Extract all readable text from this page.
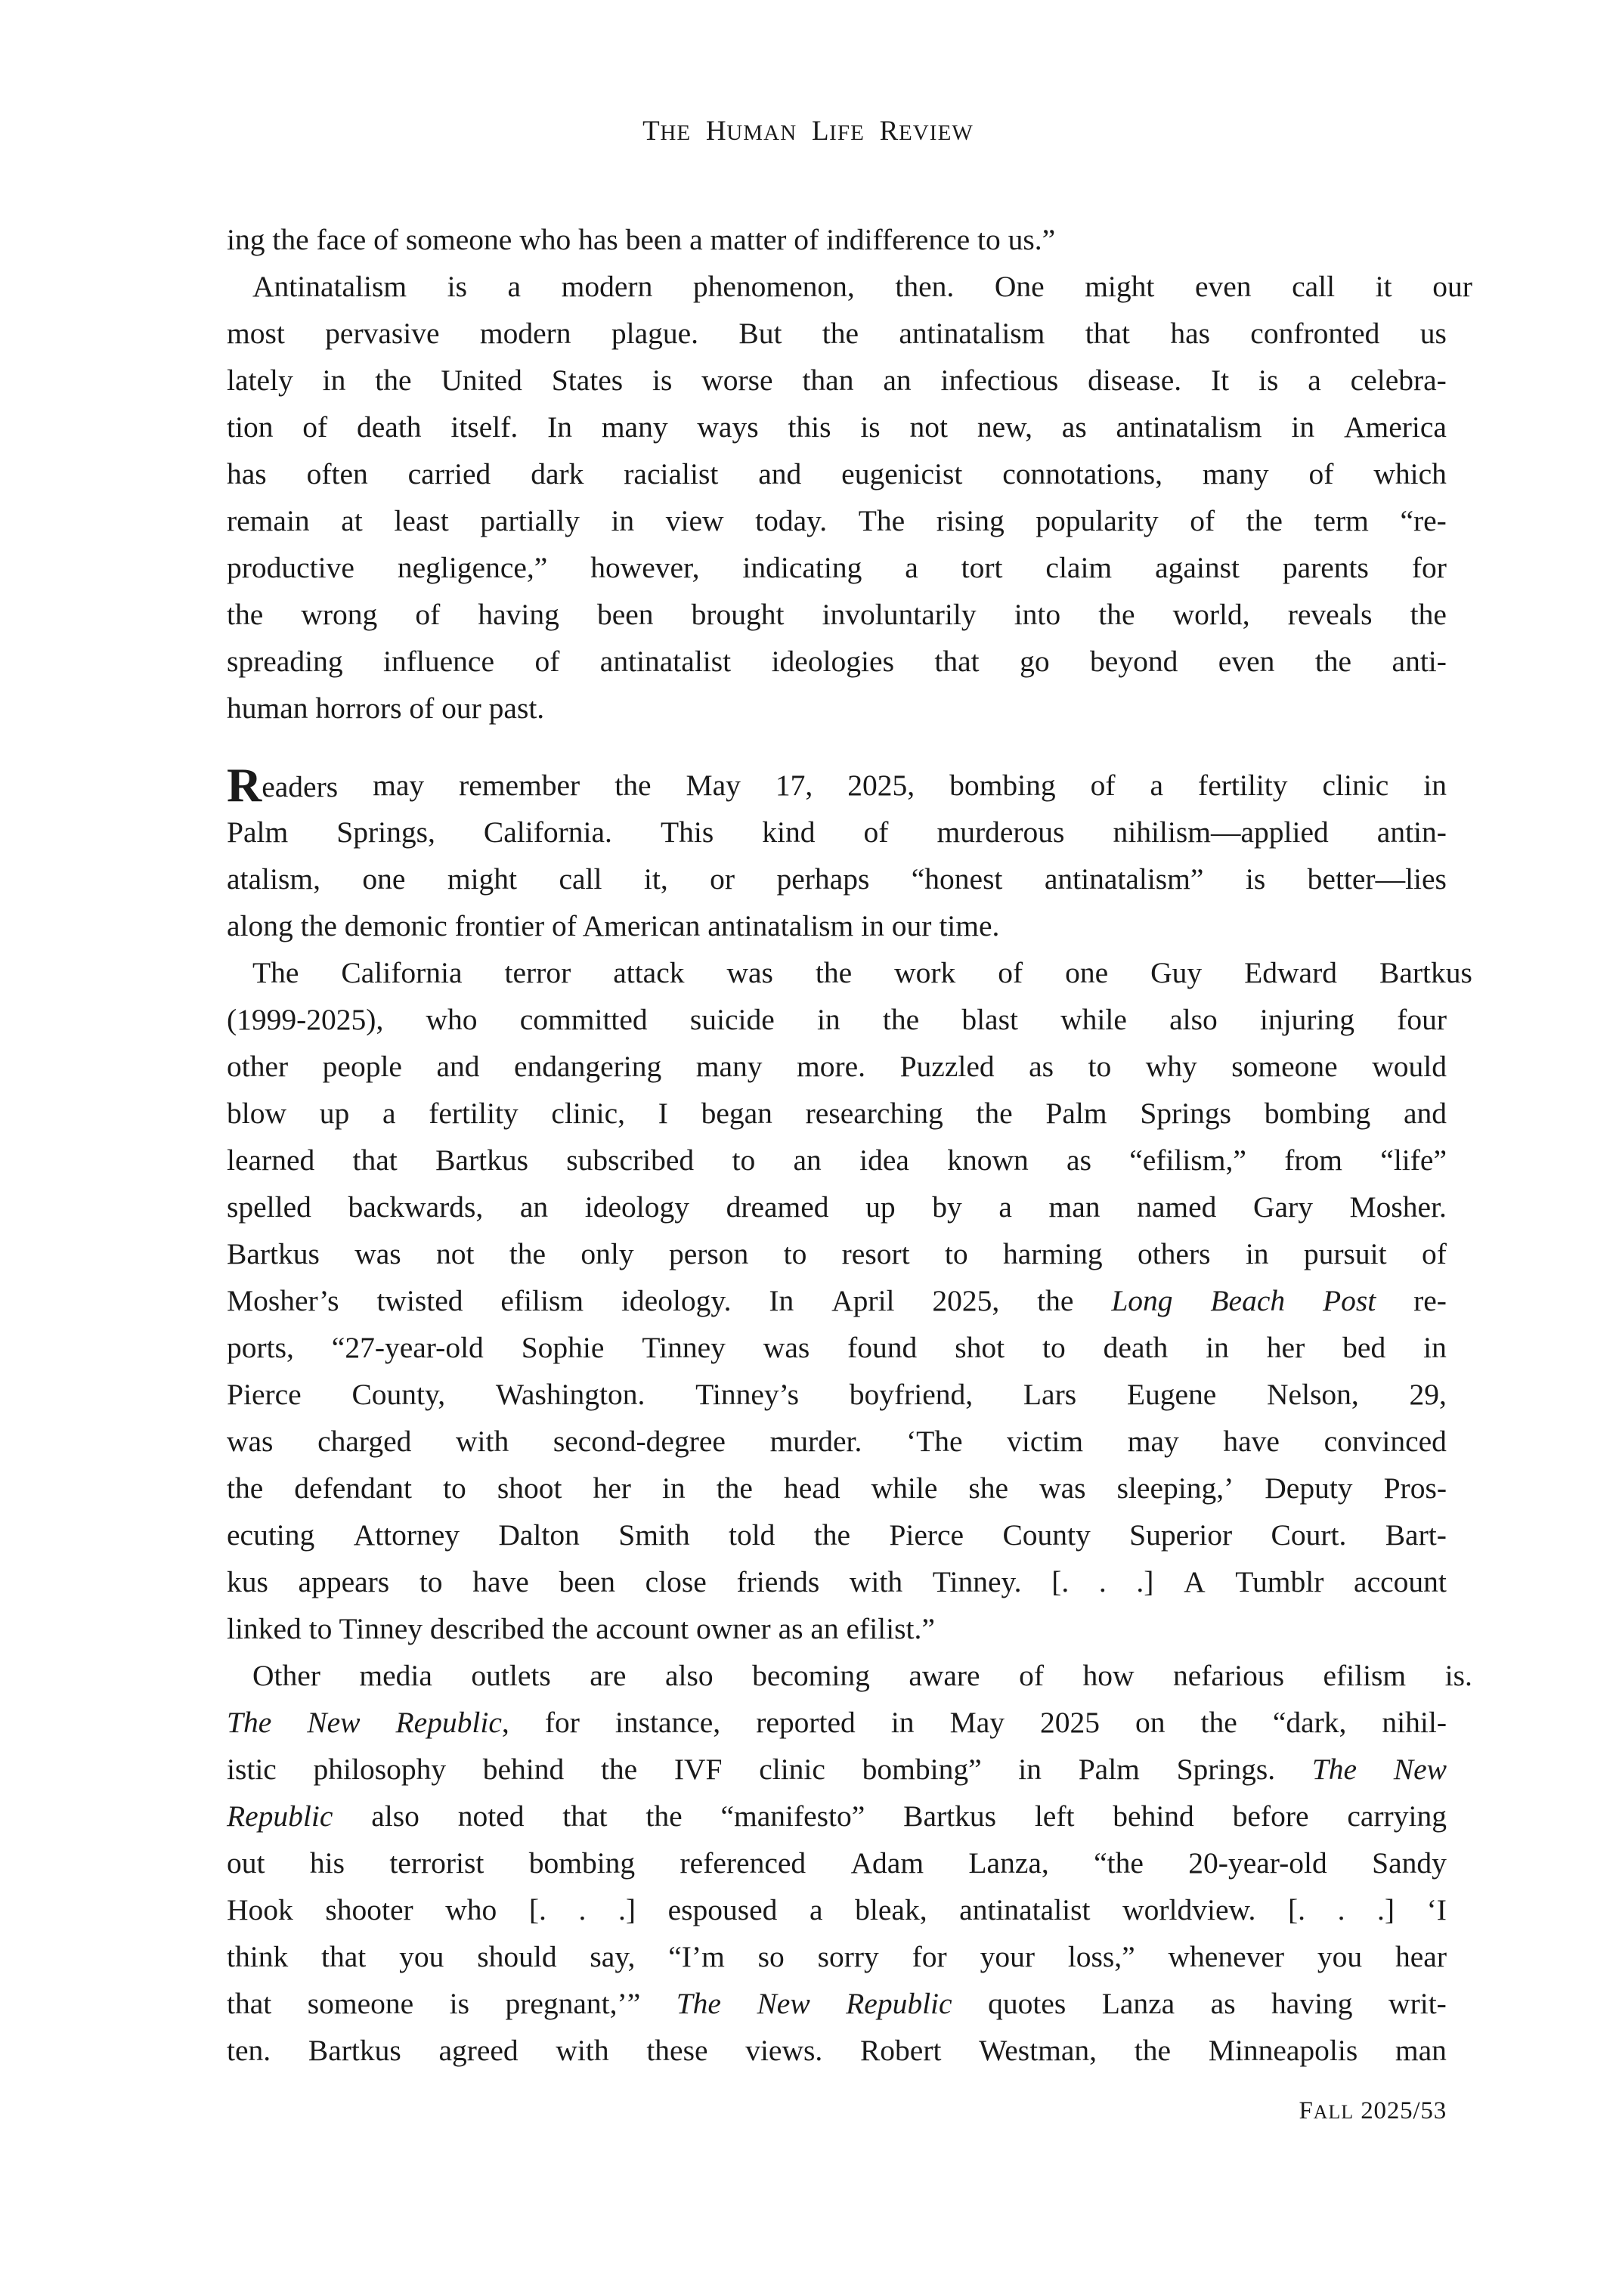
THE HUMAN LIFE REVIEW
ing the face of someone who has been a matter of indifference to us.”
Antinatalism is a modern phenomenon, then. One might even call it our
most pervasive modern plague. But the antinatalism that has confronted us
lately in the United States is worse than an infectious disease. It is a celebra-
tion of death itself. In many ways this is not new, as antinatalism in America
has often carried dark racialist and eugenicist connotations, many of which
remain at least partially in view today. The rising popularity of the term “re-
productive negligence,” however, indicating a tort claim against parents for
the wrong of having been brought involuntarily into the world, reveals the
spreading influence of antinatalist ideologies that go beyond even the anti-
human horrors of our past.
Readers may remember the May 17, 2025, bombing of a fertility clinic in
Palm Springs, California. This kind of murderous nihilism—applied antin-
atalism, one might call it, or perhaps “honest antinatalism” is better—lies
along the demonic frontier of American antinatalism in our time.
The California terror attack was the work of one Guy Edward Bartkus
(1999-2025), who committed suicide in the blast while also injuring four
other people and endangering many more. Puzzled as to why someone would
blow up a fertility clinic, I began researching the Palm Springs bombing and
learned that Bartkus subscribed to an idea known as “efilism,” from “life”
spelled backwards, an ideology dreamed up by a man named Gary Mosher.
Bartkus was not the only person to resort to harming others in pursuit of
Mosher’s twisted efilism ideology. In April 2025, the Long Beach Post re-
ports, “27-year-old Sophie Tinney was found shot to death in her bed in
Pierce County, Washington. Tinney’s boyfriend, Lars Eugene Nelson, 29,
was charged with second-degree murder. ‘The victim may have convinced
the defendant to shoot her in the head while she was sleeping,’ Deputy Pros-
ecuting Attorney Dalton Smith told the Pierce County Superior Court. Bart-
kus appears to have been close friends with Tinney. [. . .] A Tumblr account
linked to Tinney described the account owner as an efilist.”
Other media outlets are also becoming aware of how nefarious efilism is.
The New Republic, for instance, reported in May 2025 on the “dark, nihil-
istic philosophy behind the IVF clinic bombing” in Palm Springs. The New
Republic also noted that the “manifesto” Bartkus left behind before carrying
out his terrorist bombing referenced Adam Lanza, “the 20-year-old Sandy
Hook shooter who [. . .] espoused a bleak, antinatalist worldview. [. . .] ‘I
think that you should say, “I’m so sorry for your loss,” whenever you hear
that someone is pregnant,’” The New Republic quotes Lanza as having writ-
ten. Bartkus agreed with these views. Robert Westman, the Minneapolis man
FALL 2025/53
